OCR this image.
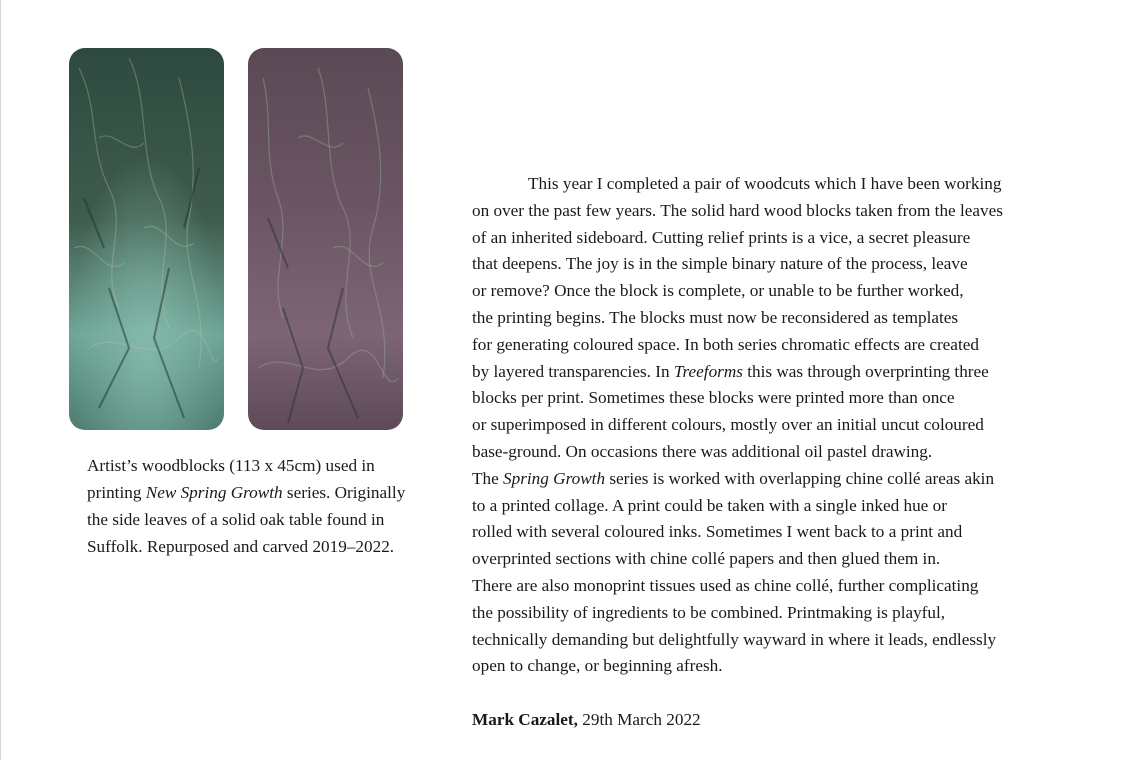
Artist’s woodblocks (113 x 45cm) used in printing New Spring Growth series. Originally the side leaves of a solid oak table found in Suffolk. Repurposed and carved 2019–2022.

This year I completed a pair of woodcuts which I have been working
on over the past few years. The solid hard wood blocks taken from the leaves
of an inherited sideboard. Cutting relief prints is a vice, a secret pleasure
that deepens. The joy is in the simple binary nature of the process, leave
or remove? Once the block is complete, or unable to be further worked,
the printing begins. The blocks must now be reconsidered as templates
for generating coloured space. In both series chromatic effects are created
by layered transparencies. In Treeforms this was through overprinting three
blocks per print. Sometimes these blocks were printed more than once
or superimposed in different colours, mostly over an initial uncut coloured
base-ground. On occasions there was additional oil pastel drawing.
The Spring Growth series is worked with overlapping chine collé areas akin
to a printed collage. A print could be taken with a single inked hue or
rolled with several coloured inks. Sometimes I went back to a print and
overprinted sections with chine collé papers and then glued them in.
There are also monoprint tissues used as chine collé, further complicating
the possibility of ingredients to be combined. Printmaking is playful,
technically demanding but delightfully wayward in where it leads, endlessly
open to change, or beginning afresh.

Mark Cazalet, 29th March 2022
